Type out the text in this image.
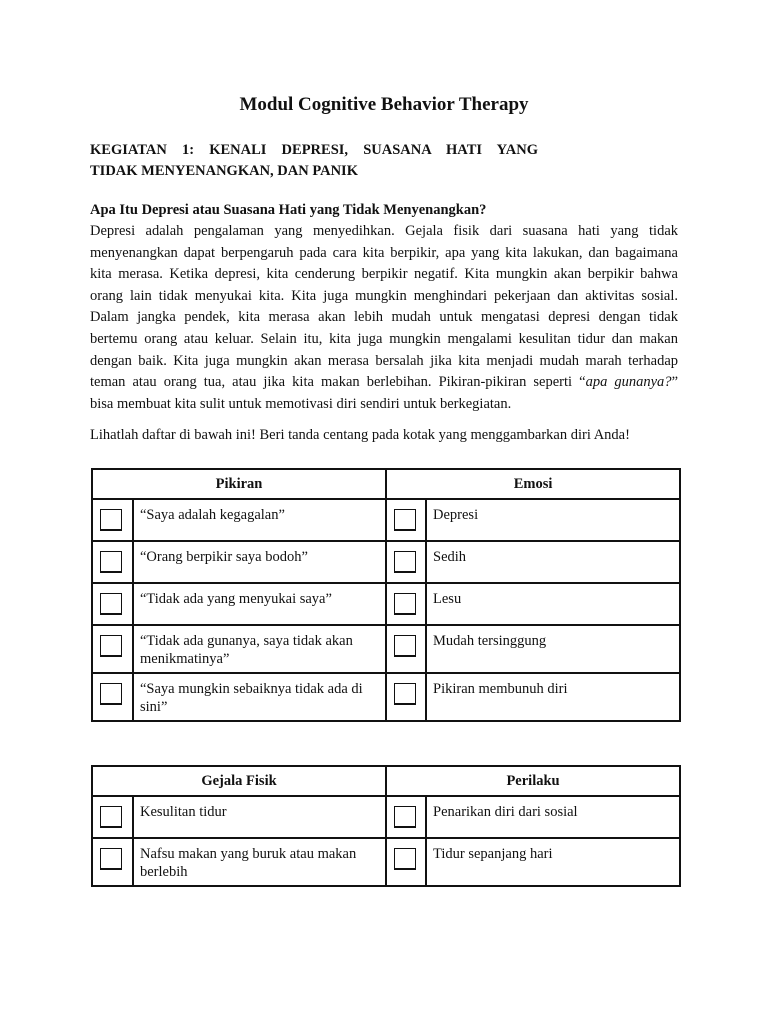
Modul Cognitive Behavior Therapy
KEGIATAN 1: KENALI DEPRESI, SUASANA HATI YANG
TIDAK MENYENANGKAN, DAN PANIK
Apa Itu Depresi atau Suasana Hati yang Tidak Menyenangkan?
Depresi adalah pengalaman yang menyedihkan. Gejala fisik dari suasana hati yang tidak
menyenangkan dapat berpengaruh pada cara kita berpikir, apa yang kita lakukan, dan bagaimana
kita merasa. Ketika depresi, kita cenderung berpikir negatif. Kita mungkin akan berpikir bahwa
orang lain tidak menyukai kita. Kita juga mungkin menghindari pekerjaan dan aktivitas sosial.
Dalam jangka pendek, kita merasa akan lebih mudah untuk mengatasi depresi dengan tidak
bertemu orang atau keluar. Selain itu, kita juga mungkin mengalami kesulitan tidur dan makan
dengan baik. Kita juga mungkin akan merasa bersalah jika kita menjadi mudah marah terhadap
teman atau orang tua, atau jika kita makan berlebihan. Pikiran-pikiran seperti “apa gunanya?”
bisa membuat kita sulit untuk memotivasi diri sendiri untuk berkegiatan.
Lihatlah daftar di bawah ini! Beri tanda centang pada kotak yang menggambarkan diri Anda!
Pikiran		Emosi	

	“Saya adalah kegagalan”		Depresi

	“Orang berpikir saya bodoh”		Sedih

	“Tidak ada yang menyukai saya”		Lesu

	“Tidak ada gunanya, saya tidak akan menikmatinya”		Mudah tersinggung

	“Saya mungkin sebaiknya tidak ada di sini”		Pikiran membunuh diri
Gejala Fisik		Perilaku	

	Kesulitan tidur		Penarikan diri dari sosial

	Nafsu makan yang buruk atau makan berlebih		Tidur sepanjang hari
